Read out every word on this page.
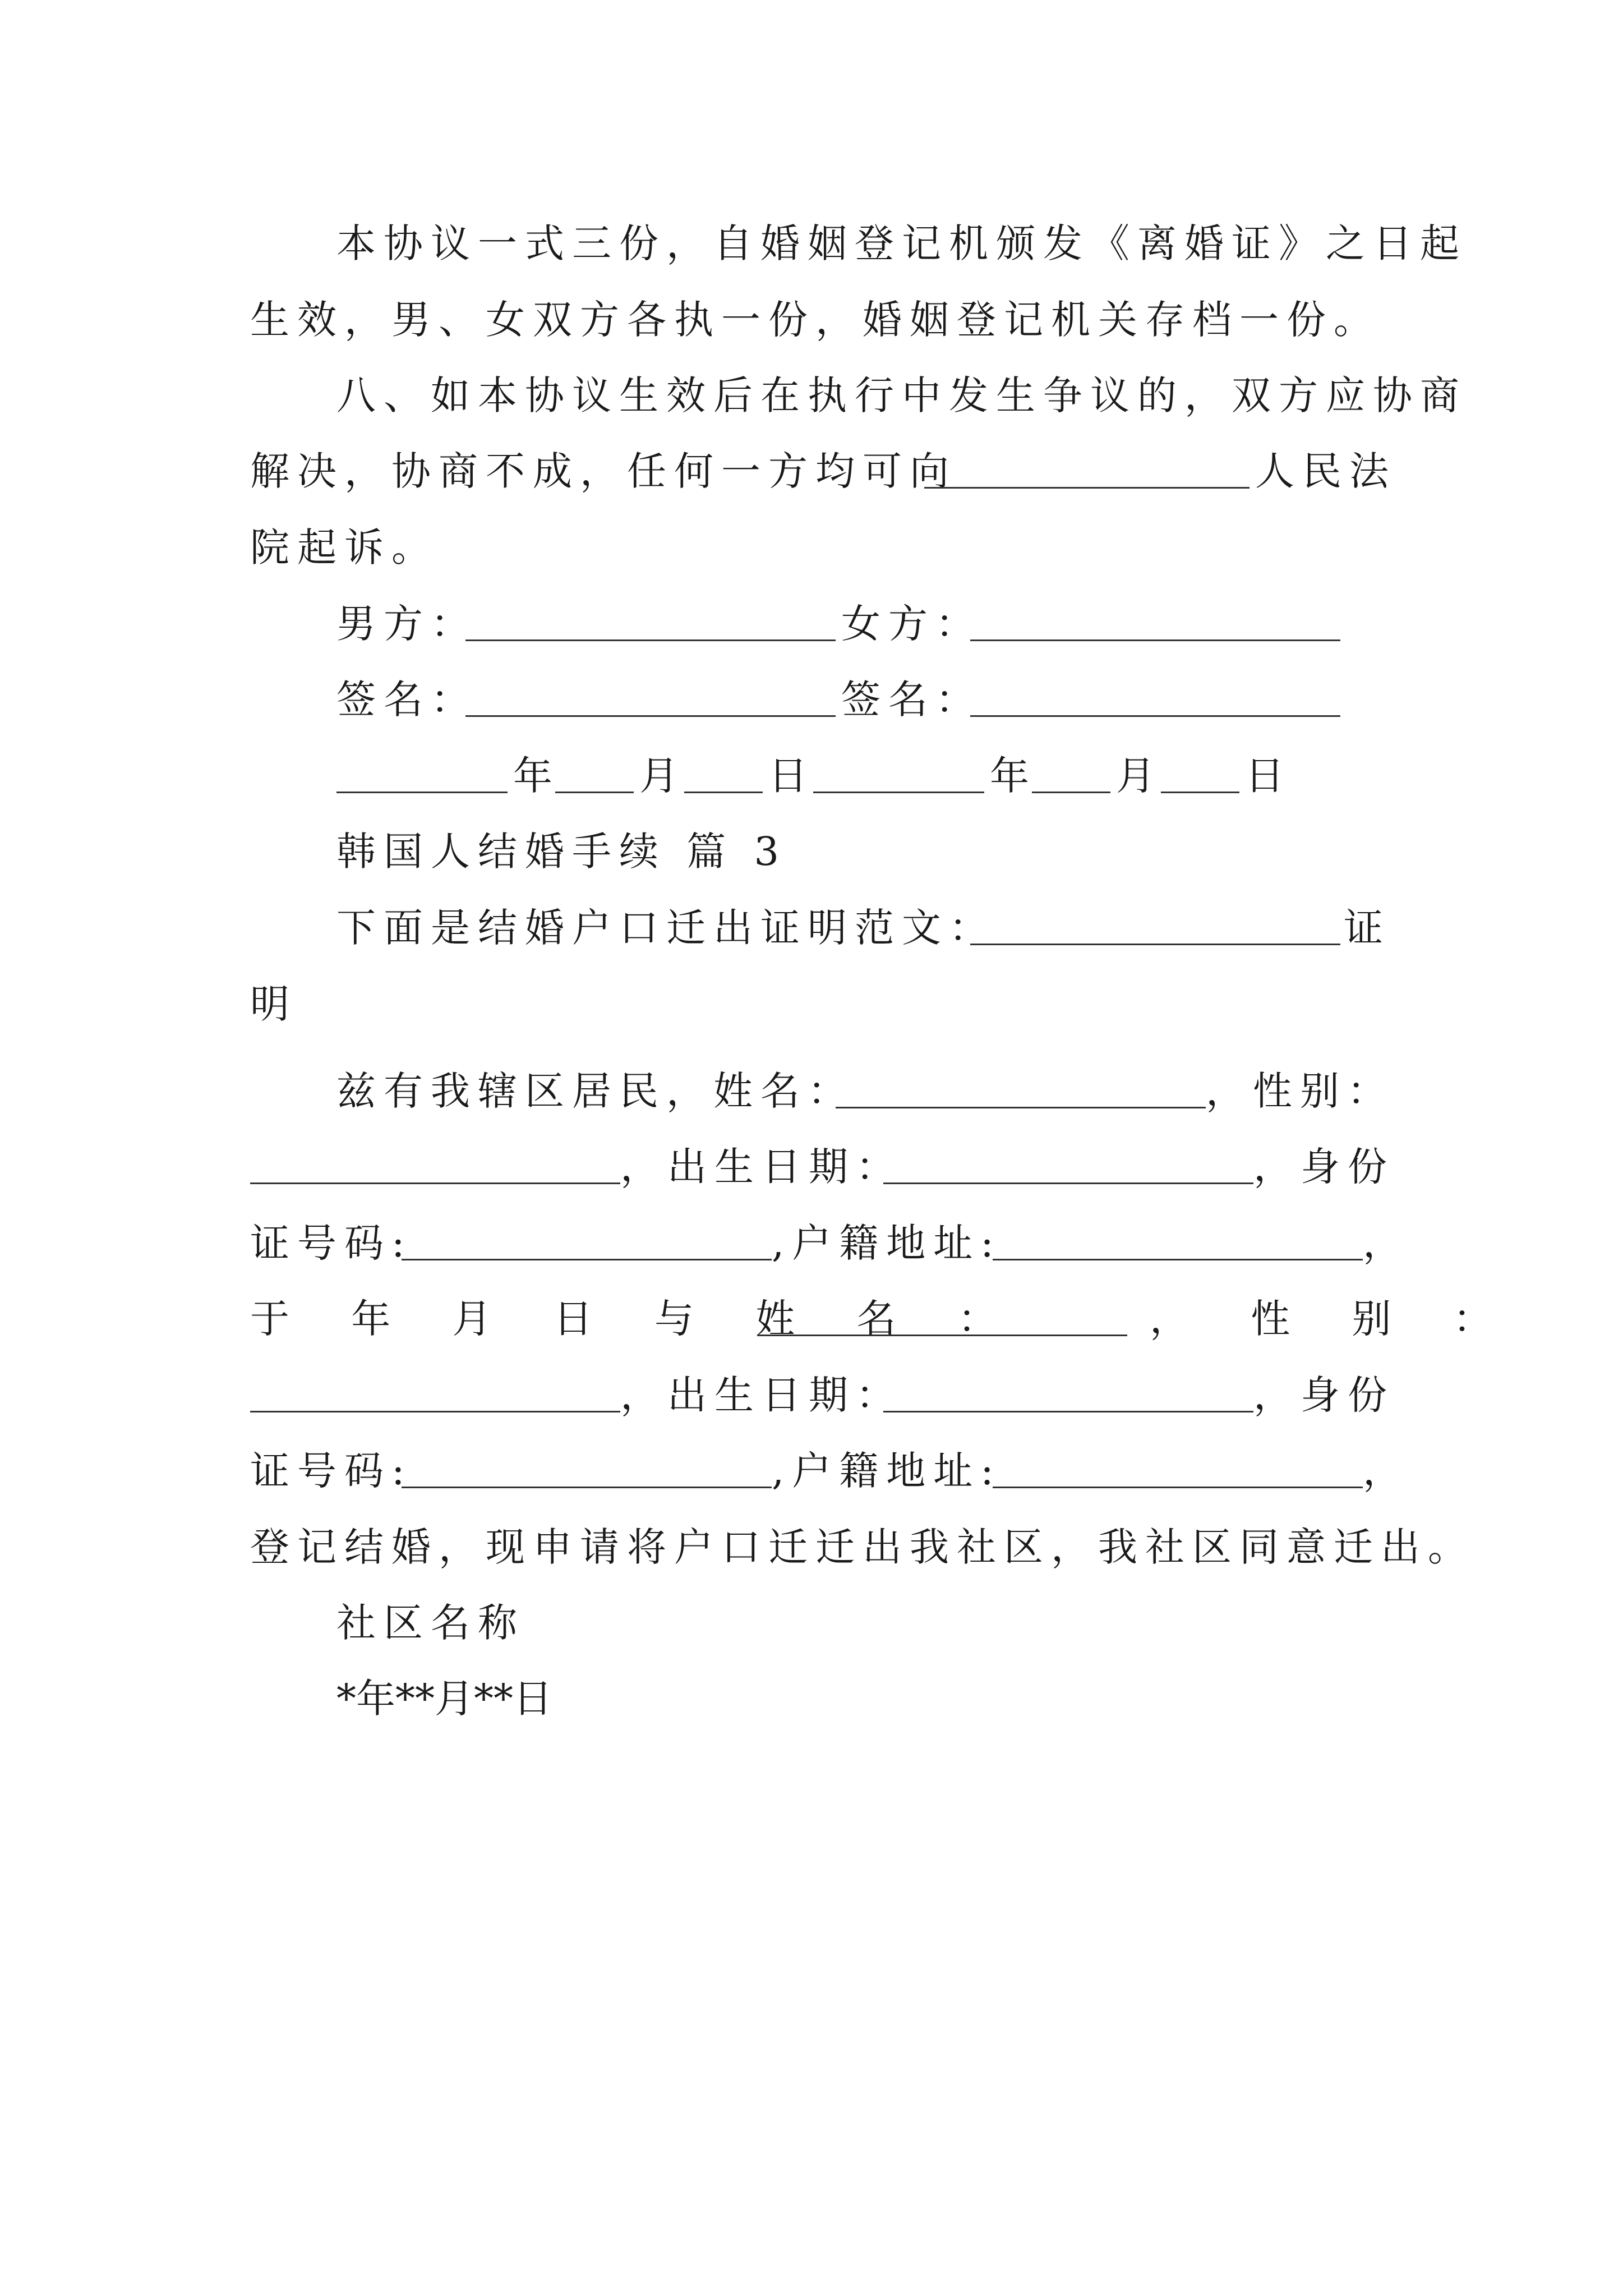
本协议一式三份，自婚姻登记机颁发《离婚证》之日起
生效，男、女双方各执一份，婚姻登记机关存档一份。
八、如本协议生效后在执行中发生争议的，双方应协商
解决，协商不成，任何一方均可向	人民法
院起诉。
男方：	女方：
签名：	签名：
年 月 日	年 月 日
韩国人结婚手续 篇 3
下面是结婚户口迁出证明范文：	证
明
兹有我辖区居民，姓名：	，性别：
，出生日期：	，身份
证号码:	,户籍地址:	，
于 年 月 日 与 姓 名 ：	， 性 别 ：
，出生日期：	，身份
证号码:	,户籍地址:	，
登记结婚，现申请将户口迁迁出我社区，我社区同意迁出。
社区名称
*年**月**日
